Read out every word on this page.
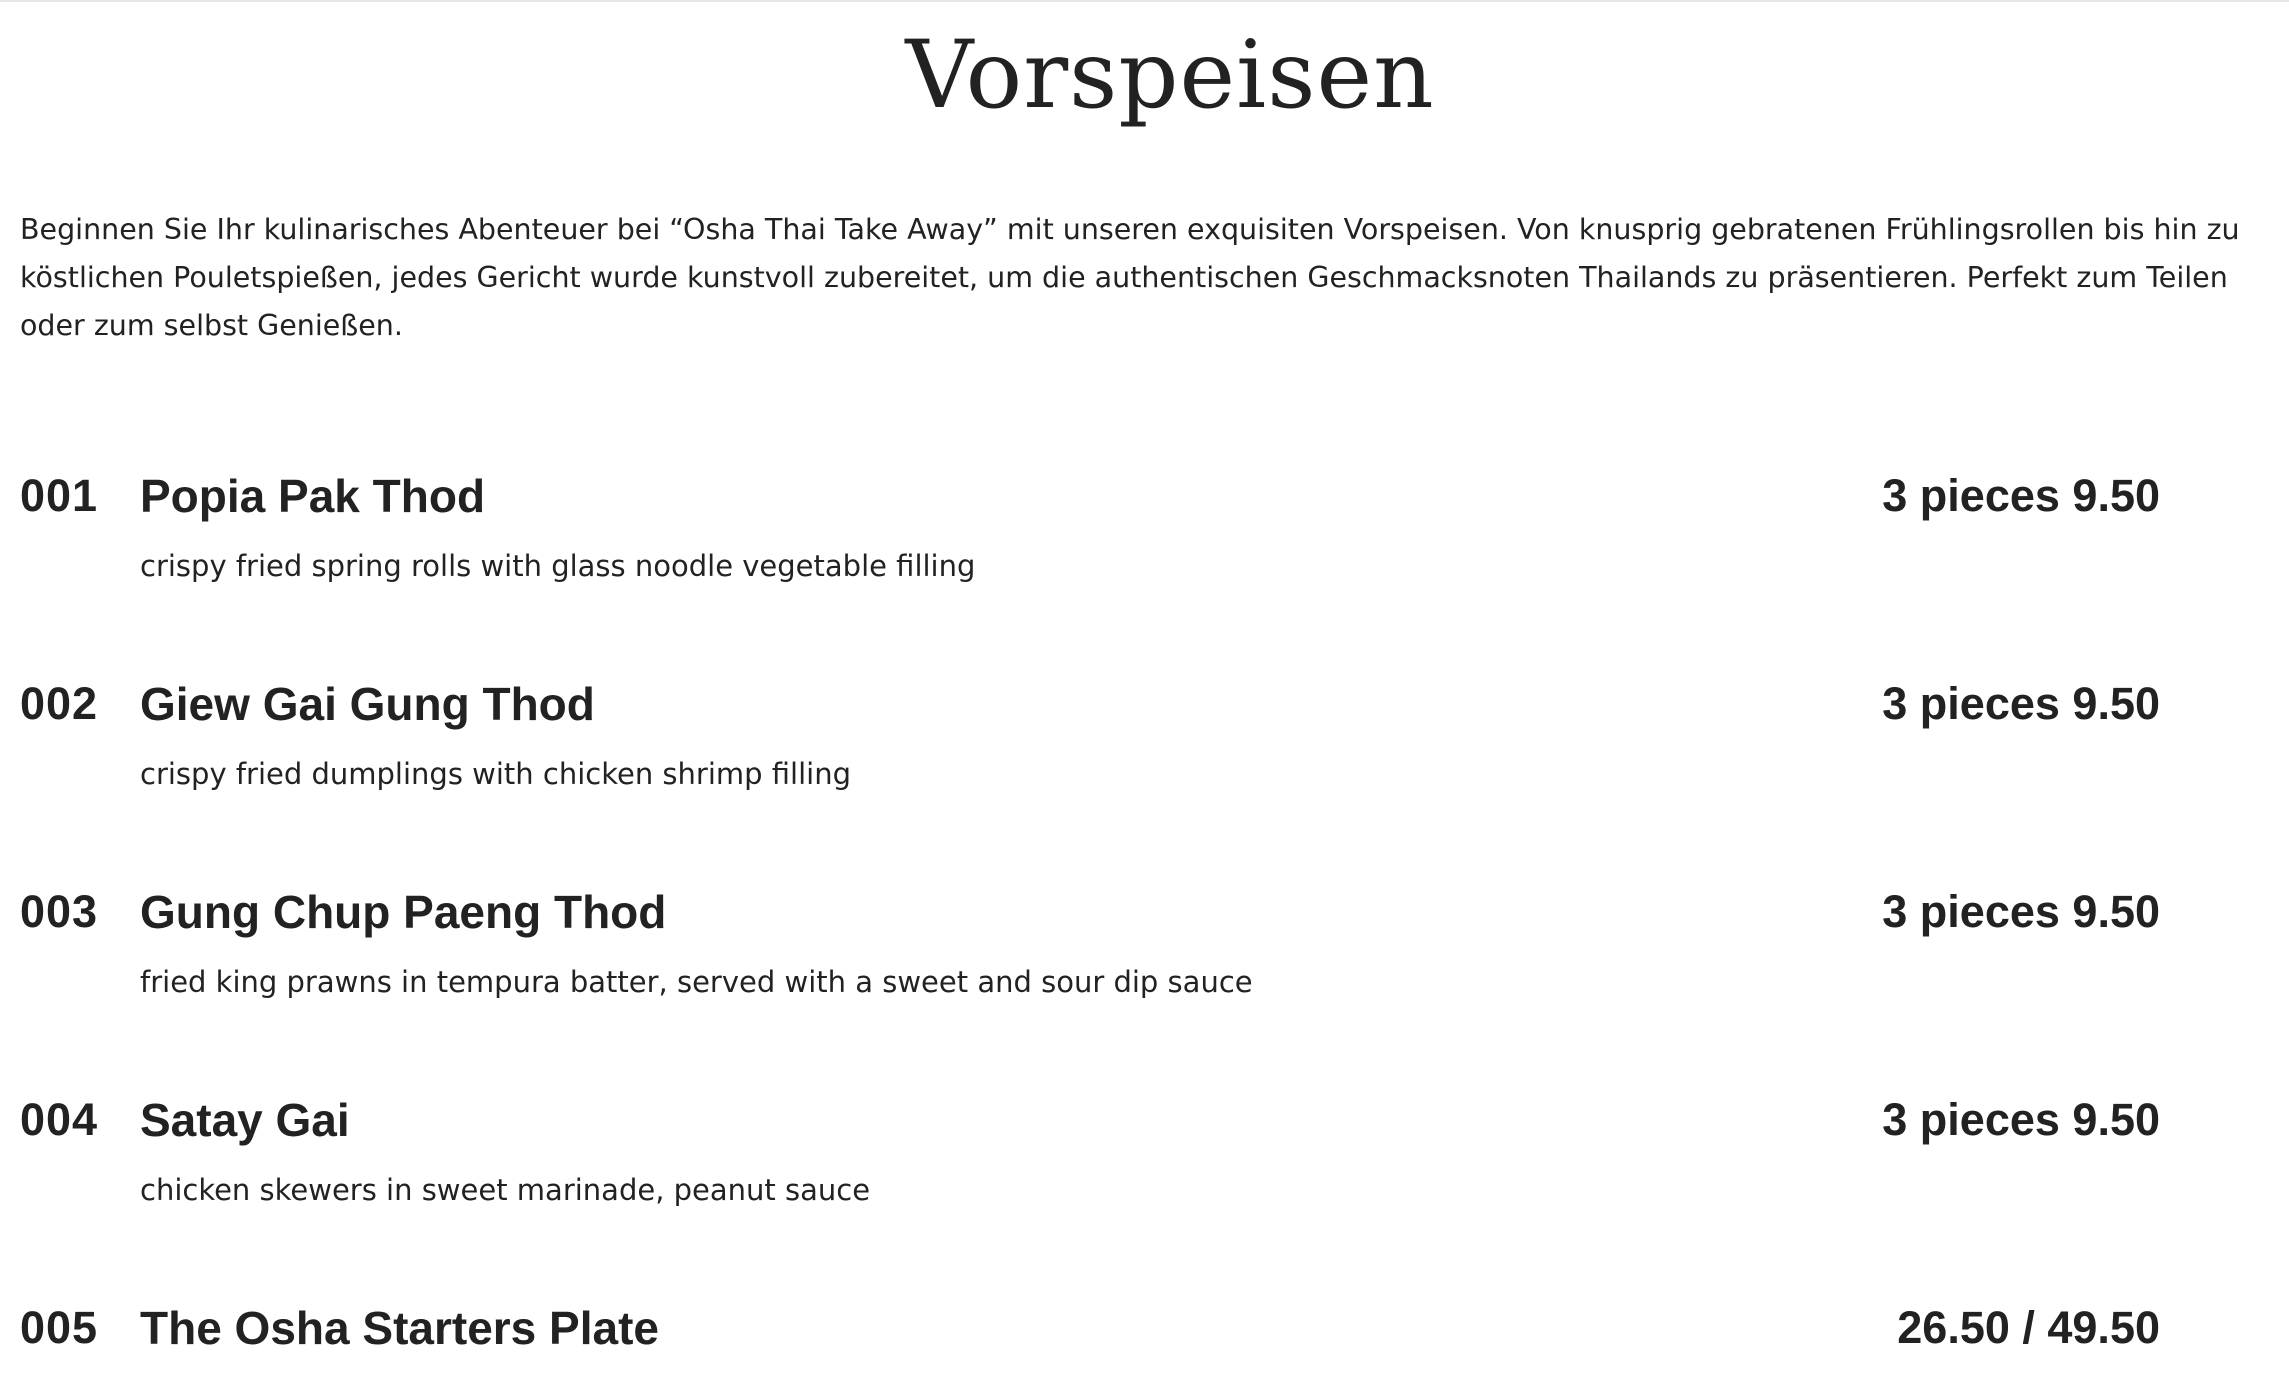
Vorspeisen

Beginnen Sie Ihr kulinarisches Abenteuer bei “Osha Thai Take Away” mit unseren exquisiten Vorspeisen. Von knusprig gebratenen Frühlingsrollen bis hin zu köstlichen Pouletspießen, jedes Gericht wurde kunstvoll zubereitet, um die authentischen Geschmacksnoten Thailands zu präsentieren. Perfekt zum Teilen oder zum selbst Genießen.

001 Popia Pak Thod	3 pieces 9.50
crispy fried spring rolls with glass noodle vegetable filling
002 Giew Gai Gung Thod	3 pieces 9.50
crispy fried dumplings with chicken shrimp filling
003 Gung Chup Paeng Thod	3 pieces 9.50
fried king prawns in tempura batter, served with a sweet and sour dip sauce
004 Satay Gai	3 pieces 9.50
chicken skewers in sweet marinade, peanut sauce
005 The Osha Starters Plate	26.50 / 49.50
